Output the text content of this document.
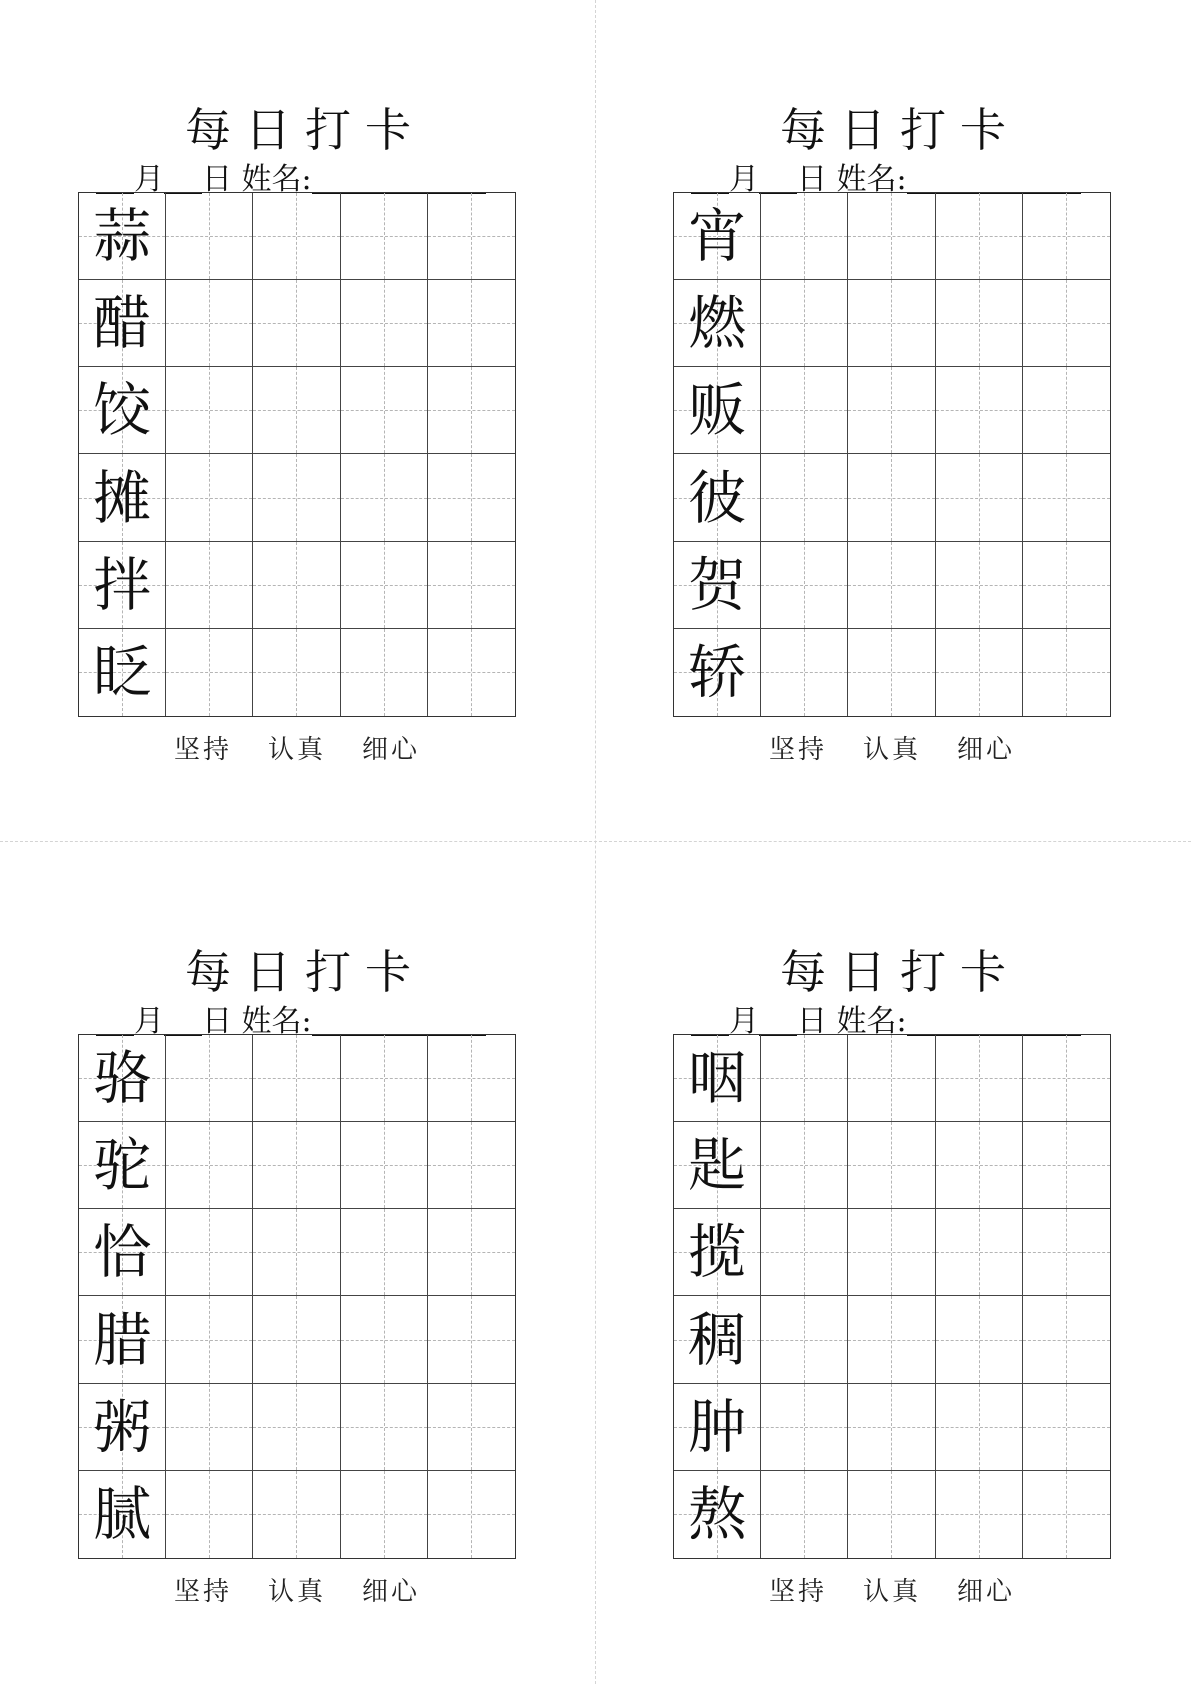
每日打卡
月 日 姓名:
蒜
醋
饺
摊
拌
眨
坚持 认真 细心
每日打卡
月 日 姓名:
宵
燃
贩
彼
贺
轿
坚持 认真 细心
每日打卡
月 日 姓名:
骆
驼
恰
腊
粥
腻
坚持 认真 细心
每日打卡
月 日 姓名:
咽
匙
揽
稠
肿
熬
坚持 认真 细心
